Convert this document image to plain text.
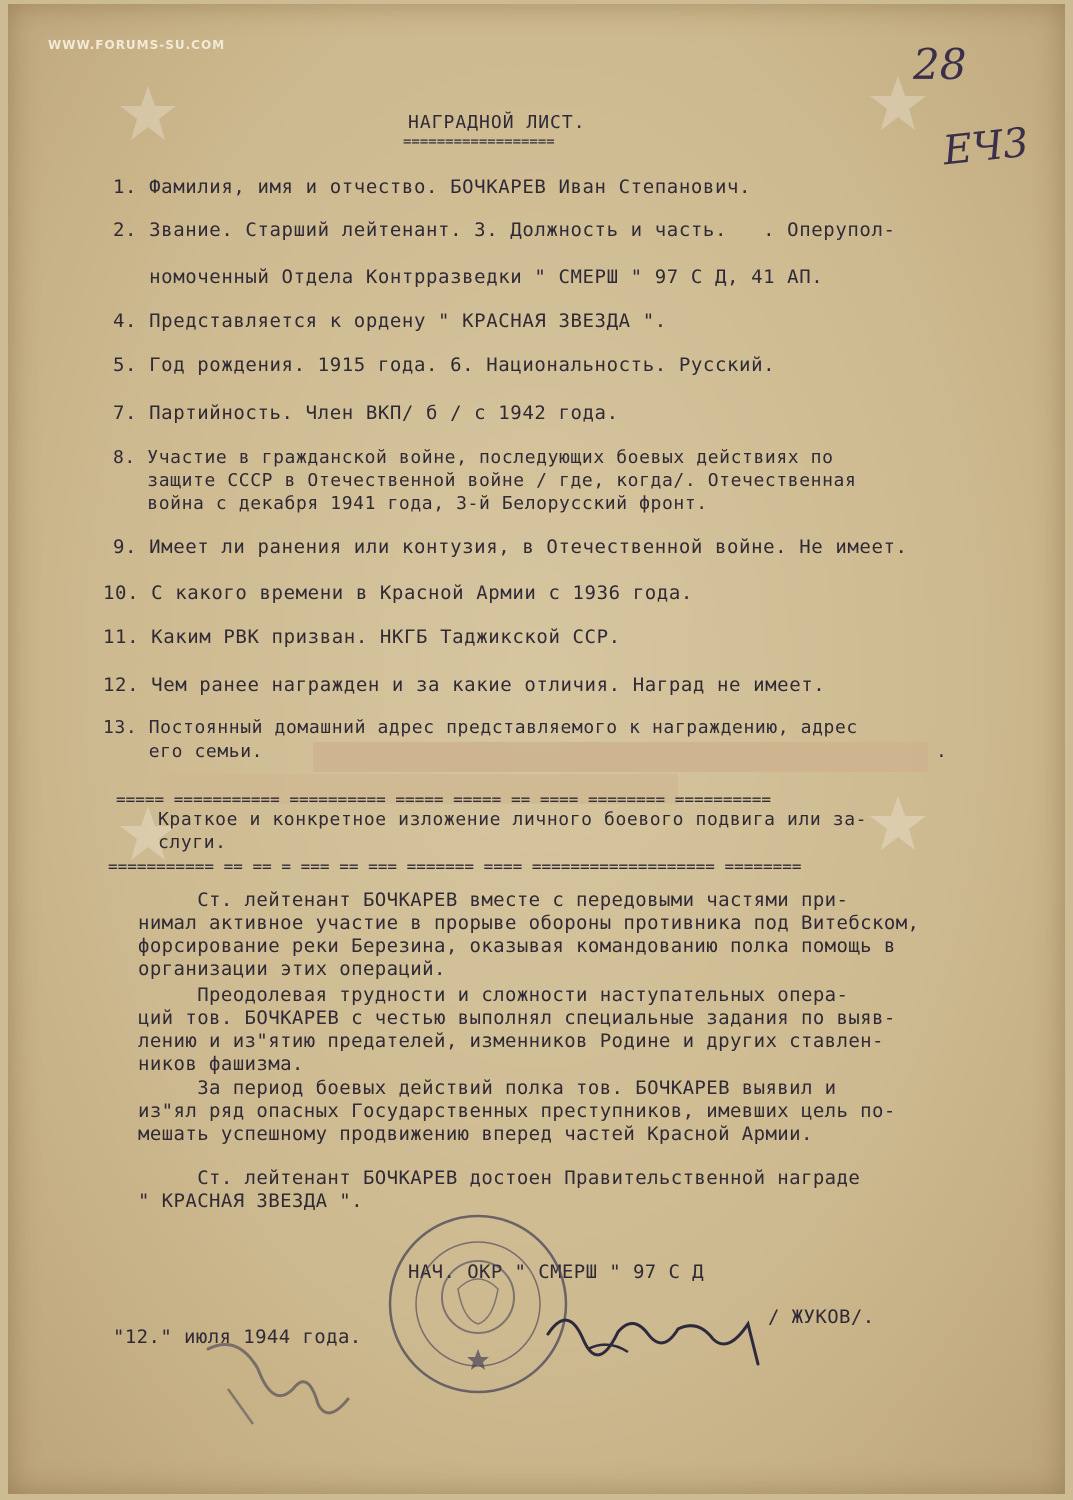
WWW.FORUMS-SU.COM	28
ЕЧ3
НАГРАДНОЙ ЛИСТ.
==================
1. Фамилия, имя и отчество. БОЧКАРЕВ Иван Степанович.
2. Звание. Старший лейтенант. 3. Должность и часть.   . Оперупол-
номоченный Отдела Контрразведки " СМЕРШ " 97 С Д, 41 АП.
4. Представляется к ордену " КРАСНАЯ ЗВЕЗДА ".
5. Год рождения. 1915 года. 6. Национальность. Русский.
7. Партийность. Член ВКП/ б / с 1942 года.
8. Участие в гражданской войне, последующих боевых действиях по
защите СССР в Отечественной войне / где, когда/. Отечественная
война с декабря 1941 года, 3-й Белорусский фронт.
9. Имеет ли ранения или контузия, в Отечественной войне. Не имеет.
10. С какого времени в Красной Армии с 1936 года.
11. Каким РВК призван. НКГБ Таджикской ССР.
12. Чем ранее награжден и за какие отличия. Наград не имеет.
13. Постоянный домашний адрес представляемого к награждению, адрес
его семьи.	.
===== =========== ========== ===== ===== == ==== ======== ==========
Краткое и конкретное изложение личного боевого подвига или за-
слуги.
=========== == == = === == === ======= ==== =================== ========
Ст. лейтенант БОЧКАРЕВ вместе с передовыми частями при-
нимал активное участие в прорыве обороны противника под Витебском,
форсирование реки Березина, оказывая командованию полка помощь в
организации этих операций.
Преодолевая трудности и сложности наступательных опера-
ций тов. БОЧКАРЕВ с честью выполнял специальные задания по выяв-
лению и из"ятию предателей, изменников Родине и других ставлен-
ников фашизма.
За период боевых действий полка тов. БОЧКАРЕВ выявил и
из"ял ряд опасных Государственных преступников, имевших цель по-
мешать успешному продвижению вперед частей Красной Армии.
Ст. лейтенант БОЧКАРЕВ достоен Правительственной награде
" КРАСНАЯ ЗВЕЗДА ".
НАЧ. ОКР " СМЕРШ " 97 С Д
/ ЖУКОВ/.
"12." июля 1944 года.
